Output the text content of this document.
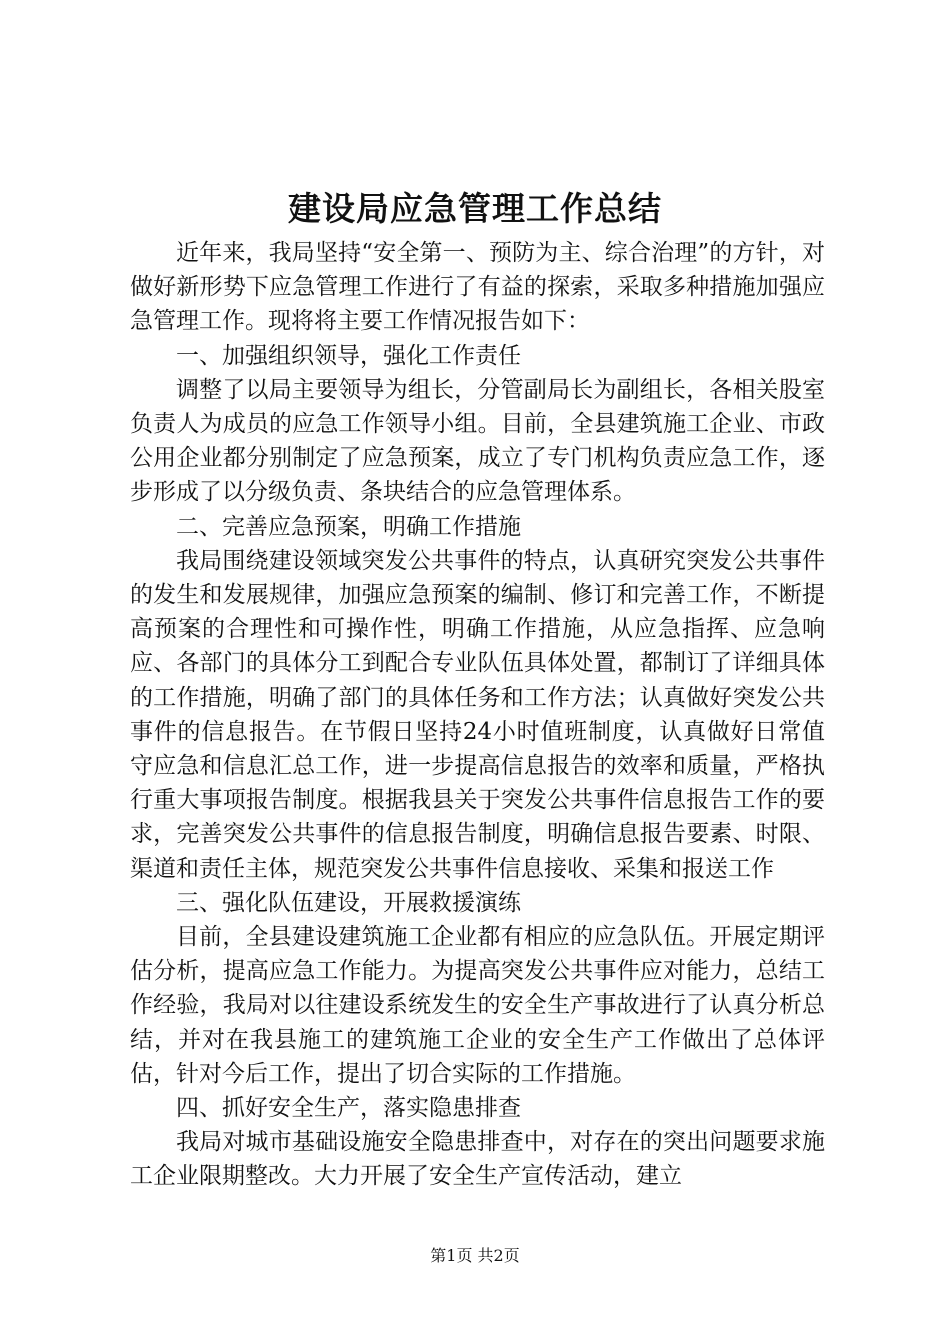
建设局应急管理工作总结

近年来，我局坚持“安全第一、预防为主、综合治理”的方针，对做好新形势下应急管理工作进行了有益的探索，采取多种措施加强应急管理工作。现将将主要工作情况报告如下：

一、加强组织领导，强化工作责任

调整了以局主要领导为组长，分管副局长为副组长，各相关股室负责人为成员的应急工作领导小组。目前，全县建筑施工企业、市政公用企业都分别制定了应急预案，成立了专门机构负责应急工作，逐步形成了以分级负责、条块结合的应急管理体系。

二、完善应急预案，明确工作措施

我局围绕建设领域突发公共事件的特点，认真研究突发公共事件的发生和发展规律，加强应急预案的编制、修订和完善工作，不断提高预案的合理性和可操作性，明确工作措施，从应急指挥、应急响应、各部门的具体分工到配合专业队伍具体处置，都制订了详细具体的工作措施，明确了部门的具体任务和工作方法；认真做好突发公共事件的信息报告。在节假日坚持24小时值班制度，认真做好日常值守应急和信息汇总工作，进一步提高信息报告的效率和质量，严格执行重大事项报告制度。根据我县关于突发公共事件信息报告工作的要求，完善突发公共事件的信息报告制度，明确信息报告要素、时限、渠道和责任主体，规范突发公共事件信息接收、采集和报送工作

三、强化队伍建设，开展救援演练

目前，全县建设建筑施工企业都有相应的应急队伍。开展定期评估分析，提高应急工作能力。为提高突发公共事件应对能力，总结工作经验，我局对以往建设系统发生的安全生产事故进行了认真分析总结，并对在我县施工的建筑施工企业的安全生产工作做出了总体评估，针对今后工作，提出了切合实际的工作措施。

四、抓好安全生产，落实隐患排查

我局对城市基础设施安全隐患排查中，对存在的突出问题要求施工企业限期整改。大力开展了安全生产宣传活动，建立

第1页 共2页
